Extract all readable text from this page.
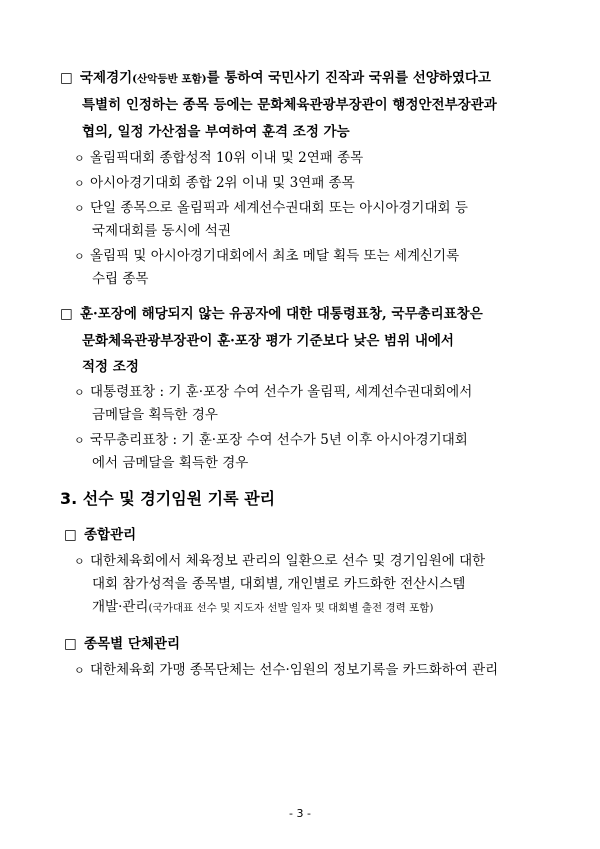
□ 국제경기(산악등반 포함)를 통하여 국민사기 진작과 국위를 선양하였다고
특별히 인정하는 종목 등에는 문화체육관광부장관이 행정안전부장관과
협의, 일정 가산점을 부여하여 훈격 조정 가능
ㅇ 올림픽대회 종합성적 10위 이내 및 2연패 종목
ㅇ 아시아경기대회 종합 2위 이내 및 3연패 종목
ㅇ 단일 종목으로 올림픽과 세계선수권대회 또는 아시아경기대회 등
국제대회를 동시에 석권
ㅇ 올림픽 및 아시아경기대회에서 최초 메달 획득 또는 세계신기록
수립 종목
□ 훈·포장에 해당되지 않는 유공자에 대한 대통령표창, 국무총리표창은
문화체육관광부장관이 훈·포장 평가 기준보다 낮은 범위 내에서
적정 조정
ㅇ 대통령표창 : 기 훈·포장 수여 선수가 올림픽, 세계선수권대회에서
금메달을 획득한 경우
ㅇ 국무총리표창 : 기 훈·포장 수여 선수가 5년 이후 아시아경기대회
에서 금메달을 획득한 경우
3. 선수 및 경기임원 기록 관리
□ 종합관리
ㅇ 대한체육회에서 체육정보 관리의 일환으로 선수 및 경기임원에 대한
대회 참가성적을 종목별, 대회별, 개인별로 카드화한 전산시스템
개발·관리(국가대표 선수 및 지도자 선발 일자 및 대회별 출전 경력 포함)
□ 종목별 단체관리
ㅇ 대한체육회 가맹 종목단체는 선수·임원의 정보기록을 카드화하여 관리
- 3 -
